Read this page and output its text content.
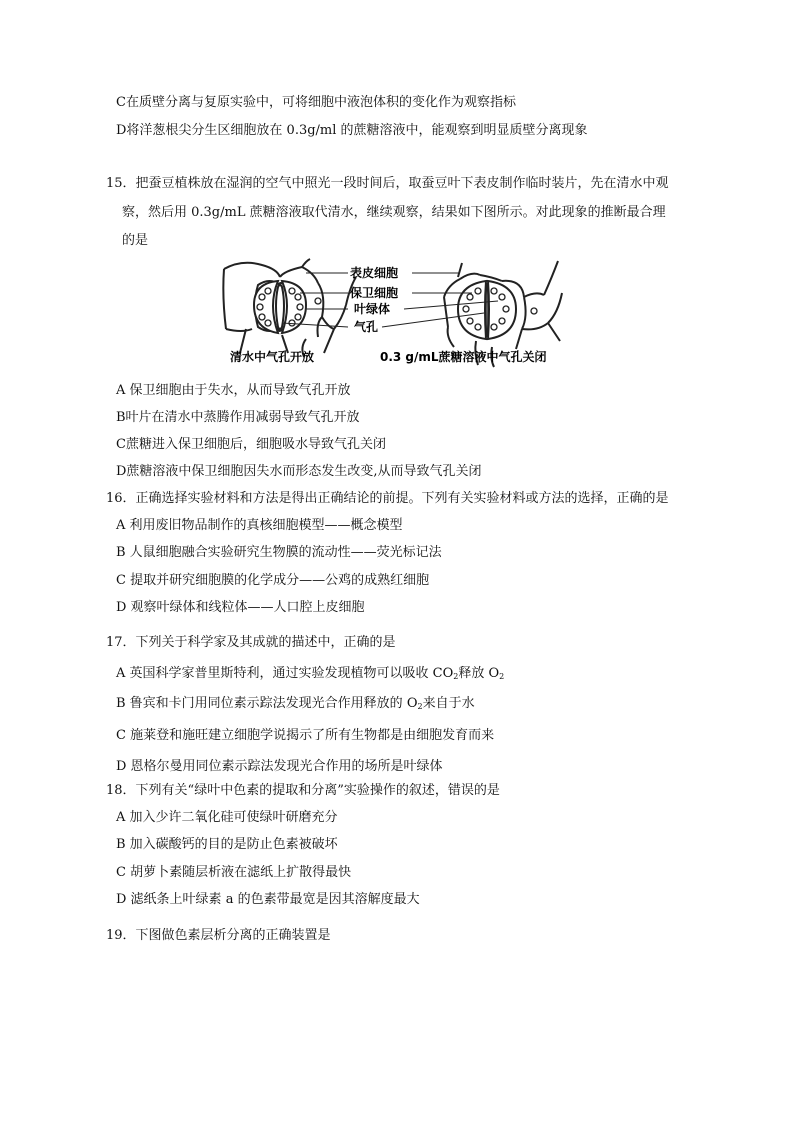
C在质壁分离与复原实验中，可将细胞中液泡体积的变化作为观察指标
D将洋葱根尖分生区细胞放在 0.3g/ml 的蔗糖溶液中，能观察到明显质壁分离现象
15．把蚕豆植株放在湿润的空气中照光一段时间后，取蚕豆叶下表皮制作临时装片，先在清水中观
察，然后用 0.3g/mL 蔗糖溶液取代清水，继续观察，结果如下图所示。对此现象的推断最合理
的是
表皮细胞
保卫细胞
叶绿体
气孔
清水中气孔开放	0.3 g/mL蔗糖溶液中气孔关闭
A 保卫细胞由于失水，从而导致气孔开放
B叶片在清水中蒸腾作用减弱导致气孔开放
C蔗糖进入保卫细胞后，细胞吸水导致气孔关闭
D蔗糖溶液中保卫细胞因失水而形态发生改变,从而导致气孔关闭
16．正确选择实验材料和方法是得出正确结论的前提。下列有关实验材料或方法的选择，正确的是
A 利用废旧物品制作的真核细胞模型——概念模型
B 人鼠细胞融合实验研究生物膜的流动性——荧光标记法
C 提取并研究细胞膜的化学成分——公鸡的成熟红细胞
D 观察叶绿体和线粒体——人口腔上皮细胞
17．下列关于科学家及其成就的描述中，正确的是
A 英国科学家普里斯特利，通过实验发现植物可以吸收 $CO_2$释放 $O_2$
B 鲁宾和卡门用同位素示踪法发现光合作用释放的 $O_2$来自于水
C 施莱登和施旺建立细胞学说揭示了所有生物都是由细胞发育而来
D 恩格尔曼用同位素示踪法发现光合作用的场所是叶绿体
18．下列有关“绿叶中色素的提取和分离”实验操作的叙述，错误的是
A 加入少许二氧化硅可使绿叶研磨充分
B 加入碳酸钙的目的是防止色素被破坏
C 胡萝卜素随层析液在滤纸上扩散得最快
D 滤纸条上叶绿素 a 的色素带最宽是因其溶解度最大
19．下图做色素层析分离的正确装置是
